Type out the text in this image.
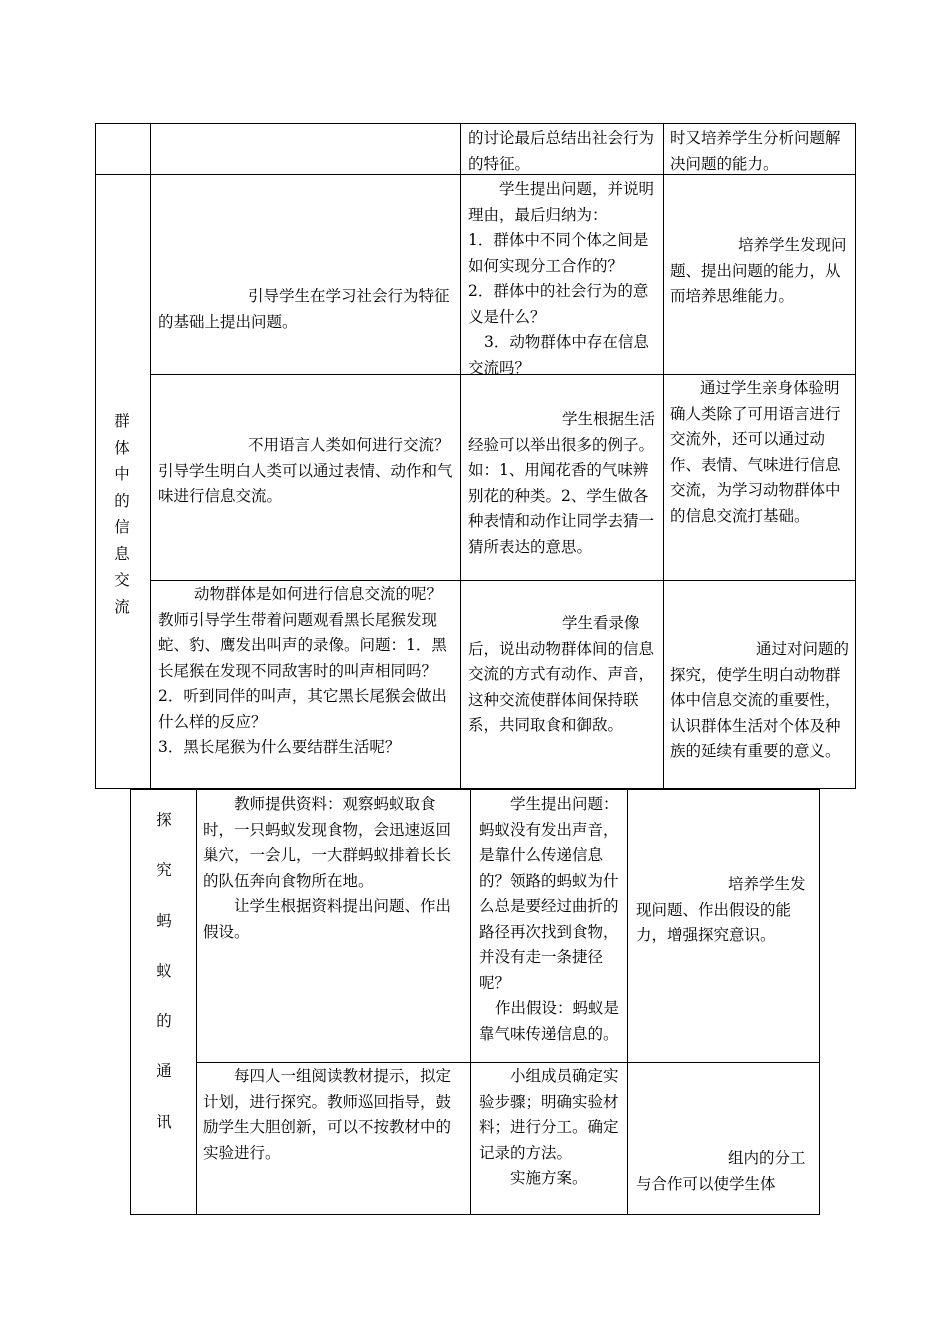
的讨论最后总结出社会行为的特征。

时又培养学生分析问题解决问题的能力。

群体中的信息交流

引导学生在学习社会行为特征的基础上提出问题。

学生提出问题，并说明理由，最后归纳为：

1．群体中不同个体之间是如何实现分工合作的？

2．群体中的社会行为的意义是什么？

3．动物群体中存在信息交流吗？

培养学生发现问题、提出问题的能力，从而培养思维能力。

不用语言人类如何进行交流？引导学生明白人类可以通过表情、动作和气味进行信息交流。

学生根据生活经验可以举出很多的例子。如：1、用闻花香的气味辨别花的种类。2、学生做各种表情和动作让同学去猜一猜所表达的意思。

通过学生亲身体验明确人类除了可用语言进行交流外，还可以通过动作、表情、气味进行信息交流，为学习动物群体中的信息交流打基础。

动物群体是如何进行信息交流的呢？教师引导学生带着问题观看黑长尾猴发现蛇、豹、鹰发出叫声的录像。问题：1．黑长尾猴在发现不同敌害时的叫声相同吗？

2．听到同伴的叫声，其它黑长尾猴会做出什么样的反应？

3．黑长尾猴为什么要结群生活呢？

学生看录像后，说出动物群体间的信息交流的方式有动作、声音，这种交流使群体间保持联系，共同取食和御敌。

通过对问题的探究，使学生明白动物群体中信息交流的重要性，认识群体生活对个体及种族的延续有重要的意义。

探究蚂蚁的通讯

教师提供资料：观察蚂蚁取食时，一只蚂蚁发现食物，会迅速返回巢穴，一会儿，一大群蚂蚁排着长长的队伍奔向食物所在地。

让学生根据资料提出问题、作出假设。

学生提出问题：蚂蚁没有发出声音，是靠什么传递信息的？领路的蚂蚁为什么总是要经过曲折的路径再次找到食物，并没有走一条捷径呢？

作出假设：蚂蚁是靠气味传递信息的。

培养学生发现问题、作出假设的能力，增强探究意识。

每四人一组阅读教材提示，拟定计划，进行探究。教师巡回指导，鼓励学生大胆创新，可以不按教材中的实验进行。

小组成员确定实验步骤；明确实验材料；进行分工。确定记录的方法。

实施方案。

组内的分工与合作可以使学生体
